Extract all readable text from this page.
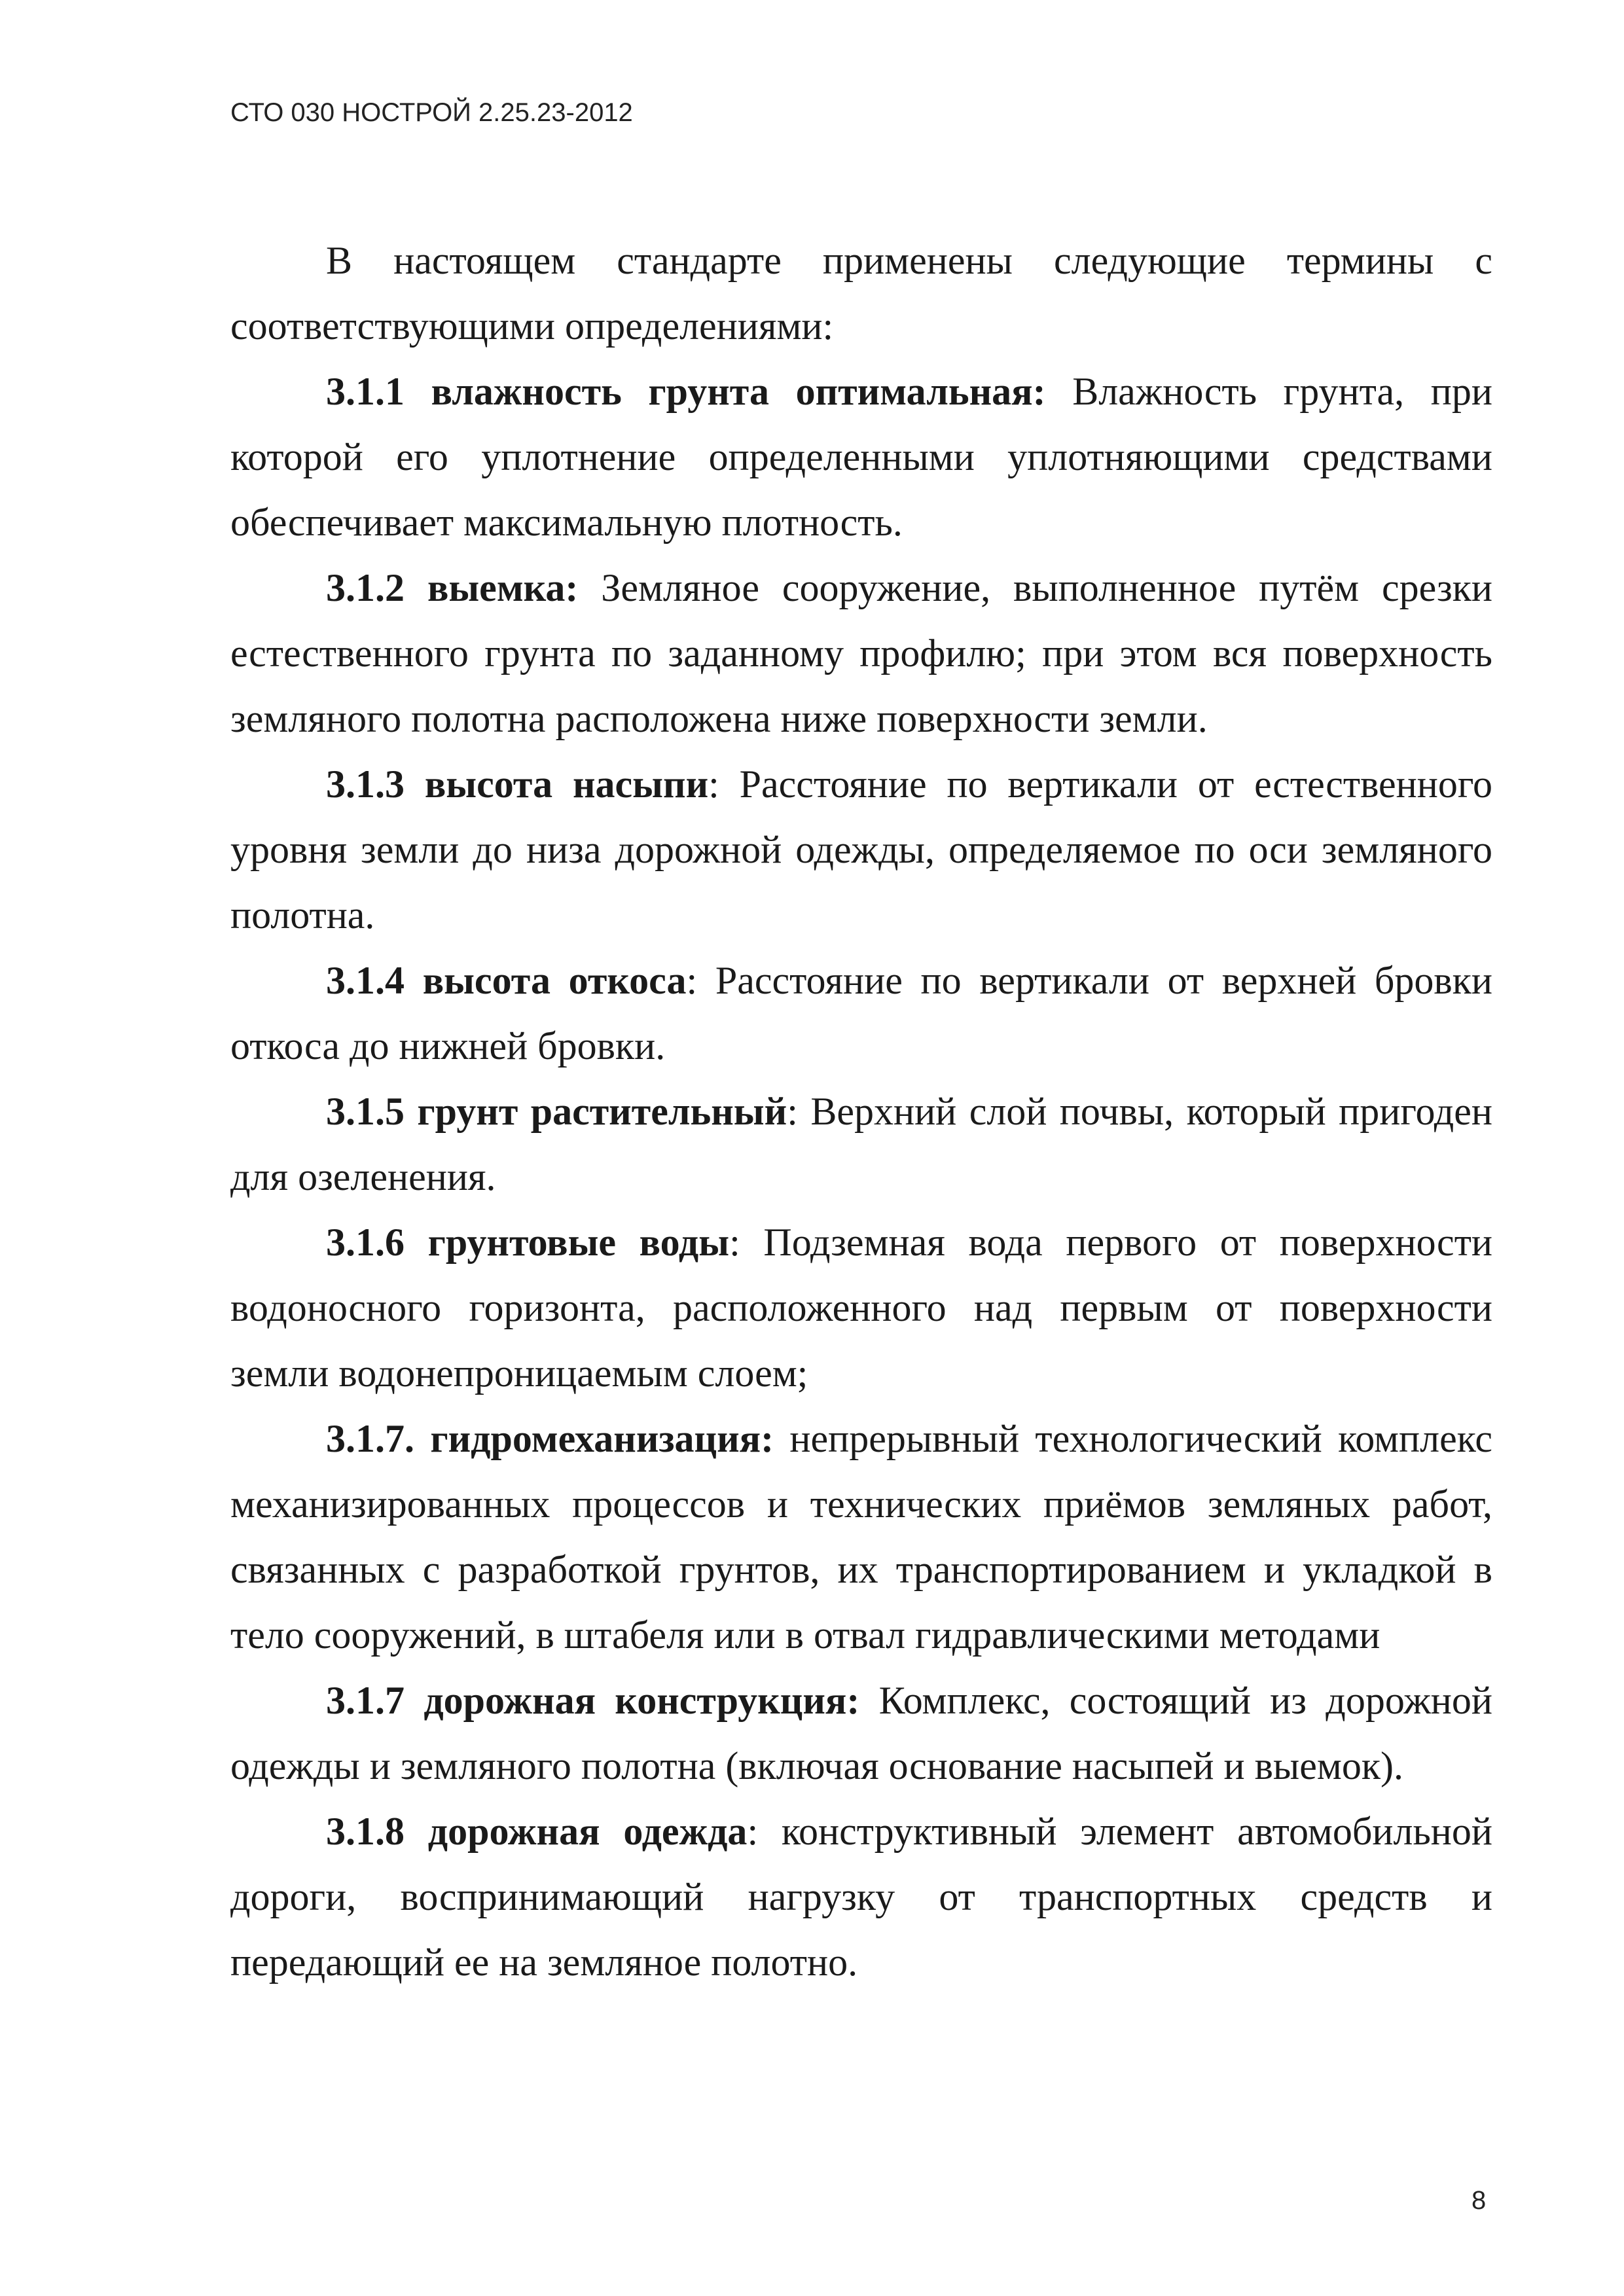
СТО 030 НОСТРОЙ 2.25.23-2012

В настоящем стандарте применены следующие термины с соответствующими определениями:

3.1.1 влажность грунта оптимальная: Влажность грунта, при которой его уплотнение определенными уплотняющими средствами обеспечивает максимальную плотность.

3.1.2 выемка: Земляное сооружение, выполненное путём срезки естественного грунта по заданному профилю; при этом вся поверхность земляного полотна расположена ниже поверхности земли.

3.1.3 высота насыпи: Расстояние по вертикали от естественного уровня земли до низа дорожной одежды, определяемое по оси земляного полотна.

3.1.4 высота откоса: Расстояние по вертикали от верхней бровки откоса до нижней бровки.

3.1.5 грунт растительный: Верхний слой почвы, который пригоден для озеленения.

3.1.6 грунтовые воды: Подземная вода первого от поверхности водоносного горизонта, расположенного над первым от поверхности земли водонепроницаемым слоем;

3.1.7. гидромеханизация: непрерывный технологический комплекс механизированных процессов и технических приёмов земляных работ, связанных с разработкой грунтов, их транспортированием и укладкой в тело сооружений, в штабеля или в отвал гидравлическими методами

3.1.7 дорожная конструкция: Комплекс, состоящий из дорожной одежды и земляного полотна (включая основание насыпей и выемок).

3.1.8 дорожная одежда: конструктивный элемент автомобильной дороги, воспринимающий нагрузку от транспортных средств и передающий ее на земляное полотно.

8
